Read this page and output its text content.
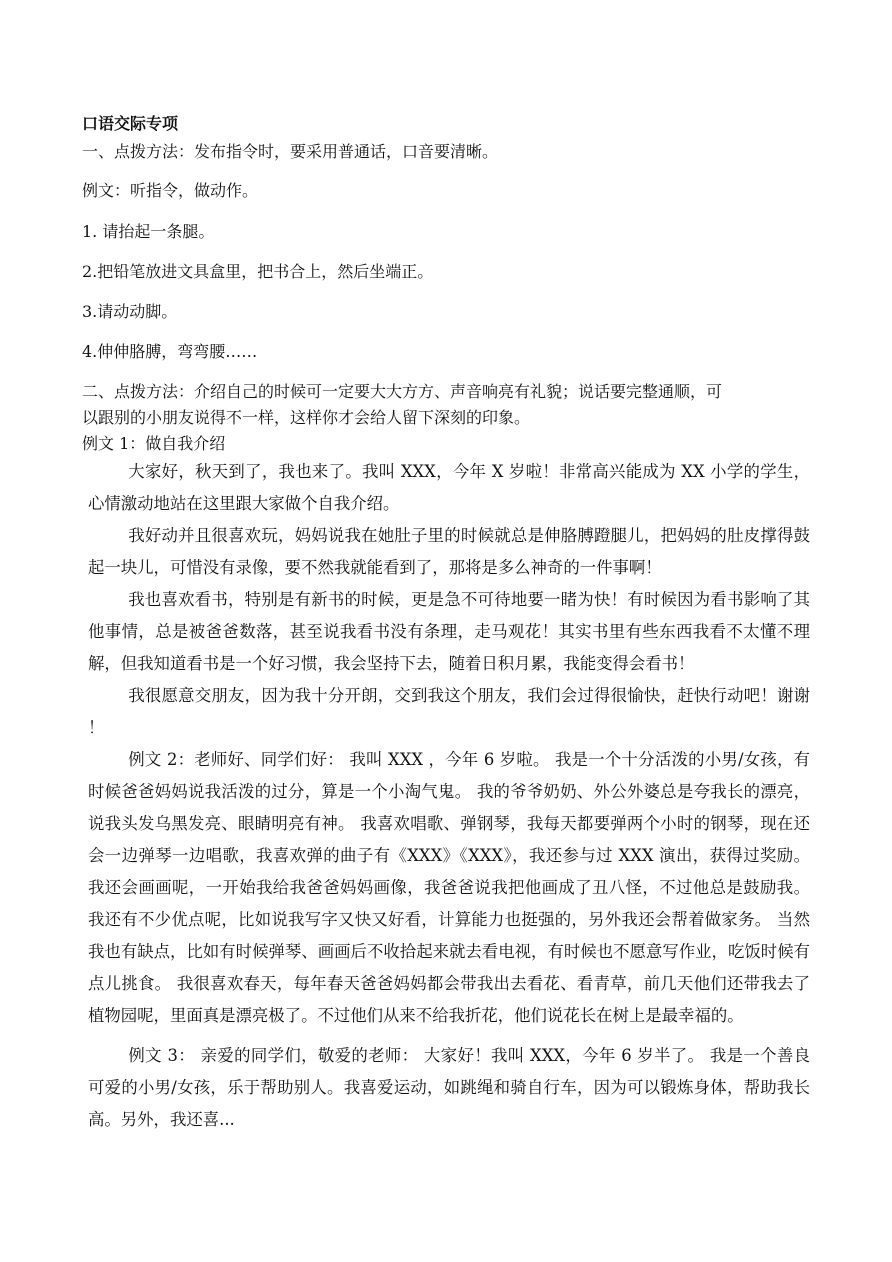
口语交际专项
一、点拨方法：发布指令时，要采用普通话，口音要清晰。
例文：听指令，做动作。
1. 请抬起一条腿。
2.把铅笔放进文具盒里，把书合上，然后坐端正。
3.请动动脚。
4.伸伸胳膊，弯弯腰……
二、点拨方法：介绍自己的时候可一定要大大方方、声音响亮有礼貌；说话要完整通顺，可
以跟别的小朋友说得不一样，这样你才会给人留下深刻的印象。
例文 1：做自我介绍
大家好，秋天到了，我也来了。我叫 XXX，今年 X 岁啦！非常高兴能成为 XX 小学的学生，心情激动地站在这里跟大家做个自我介绍。
我好动并且很喜欢玩，妈妈说我在她肚子里的时候就总是伸胳膊蹬腿儿，把妈妈的肚皮撑得鼓起一块儿，可惜没有录像，要不然我就能看到了，那将是多么神奇的一件事啊！
我也喜欢看书，特别是有新书的时候，更是急不可待地要一睹为快！有时候因为看书影响了其他事情，总是被爸爸数落，甚至说我看书没有条理，走马观花！其实书里有些东西我看不太懂不理解，但我知道看书是一个好习惯，我会坚持下去，随着日积月累，我能变得会看书！
我很愿意交朋友，因为我十分开朗，交到我这个朋友，我们会过得很愉快，赶快行动吧！谢谢 ！
例文 2：老师好、同学们好： 我叫 XXX ，今年 6 岁啦。 我是一个十分活泼的小男/女孩，有时候爸爸妈妈说我活泼的过分，算是一个小淘气鬼。 我的爷爷奶奶、外公外婆总是夸我长的漂亮，说我头发乌黑发亮、眼睛明亮有神。 我喜欢唱歌、弹钢琴，我每天都要弹两个小时的钢琴，现在还会一边弹琴一边唱歌，我喜欢弹的曲子有《XXX》《XXX》，我还参与过 XXX 演出，获得过奖励。 我还会画画呢，一开始我给我爸爸妈妈画像，我爸爸说我把他画成了丑八怪，不过他总是鼓励我。 我还有不少优点呢，比如说我写字又快又好看，计算能力也挺强的，另外我还会帮着做家务。 当然我也有缺点，比如有时候弹琴、画画后不收拾起来就去看电视，有时候也不愿意写作业，吃饭时候有点儿挑食。 我很喜欢春天，每年春天爸爸妈妈都会带我出去看花、看青草，前几天他们还带我去了植物园呢，里面真是漂亮极了。不过他们从来不给我折花，他们说花长在树上是最幸福的。
例文 3： 亲爱的同学们，敬爱的老师： 大家好！我叫 XXX，今年 6 岁半了。 我是一个善良可爱的小男/女孩，乐于帮助别人。我喜爱运动，如跳绳和骑自行车，因为可以锻炼身体，帮助我长高。另外，我还喜...
